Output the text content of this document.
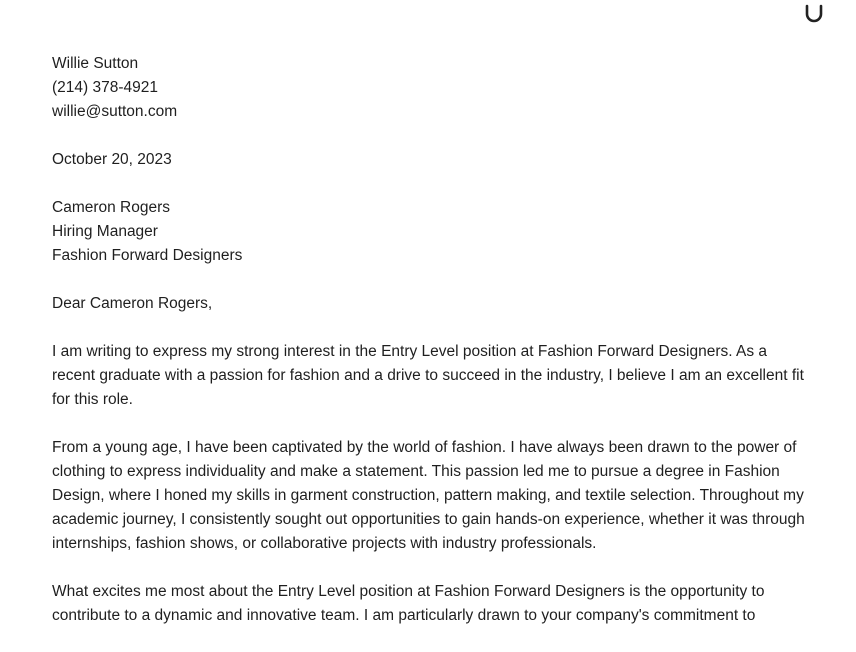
Willie Sutton
(214) 378-4921
willie@sutton.com
October 20, 2023
Cameron Rogers
Hiring Manager
Fashion Forward Designers
Dear Cameron Rogers,

I am writing to express my strong interest in the Entry Level position at Fashion Forward Designers. As a recent graduate with a passion for fashion and a drive to succeed in the industry, I believe I am an excellent fit for this role.

From a young age, I have been captivated by the world of fashion. I have always been drawn to the power of clothing to express individuality and make a statement. This passion led me to pursue a degree in Fashion Design, where I honed my skills in garment construction, pattern making, and textile selection. Throughout my academic journey, I consistently sought out opportunities to gain hands-on experience, whether it was through internships, fashion shows, or collaborative projects with industry professionals.

What excites me most about the Entry Level position at Fashion Forward Designers is the opportunity to contribute to a dynamic and innovative team. I am particularly drawn to your company's commitment to
